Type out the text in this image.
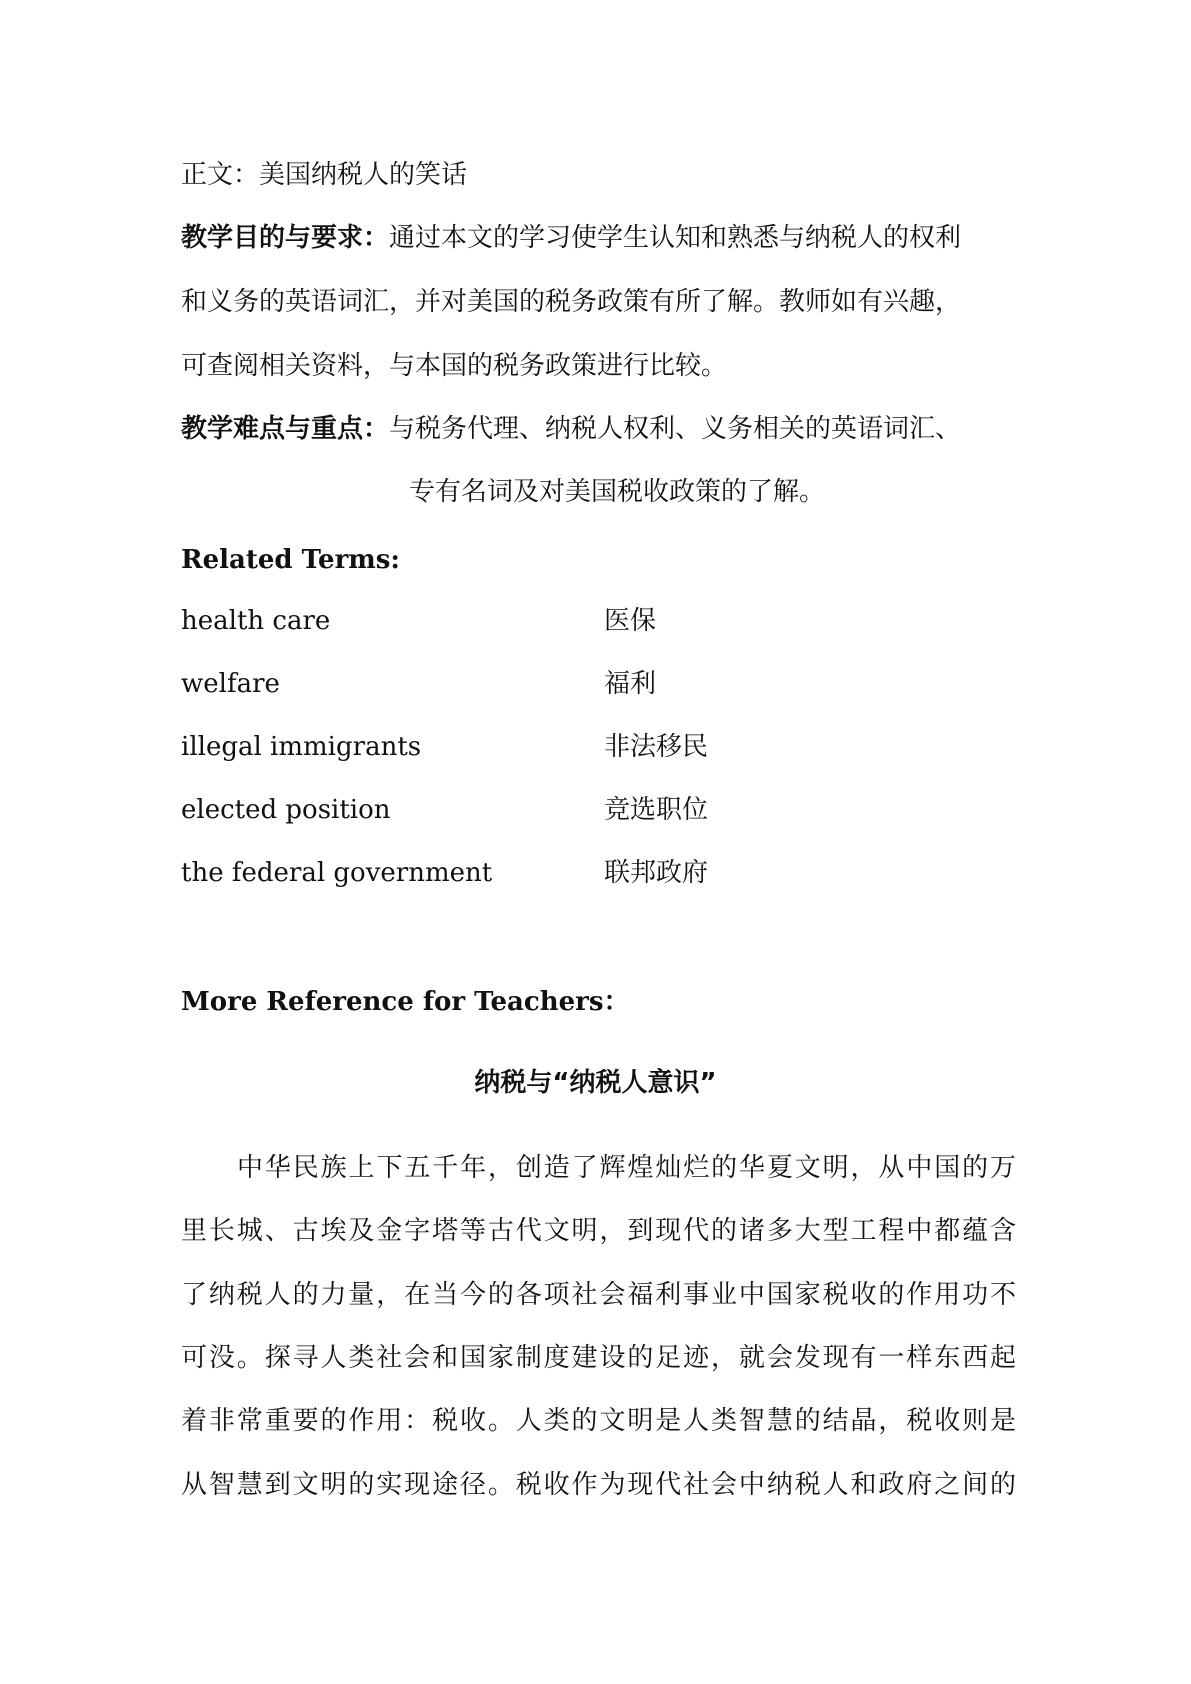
正文：美国纳税人的笑话
教学目的与要求：通过本文的学习使学生认知和熟悉与纳税人的权利
和义务的英语词汇，并对美国的税务政策有所了解。教师如有兴趣，
可查阅相关资料，与本国的税务政策进行比较。
教学难点与重点：与税务代理、纳税人权利、义务相关的英语词汇、
专有名词及对美国税收政策的了解。
Related Terms:
health care	医保
welfare	福利
illegal immigrants	非法移民
elected position	竞选职位
the federal government	联邦政府
More Reference for Teachers：
纳税与“纳税人意识”
中华民族上下五千年，创造了辉煌灿烂的华夏文明，从中国的万
里长城、古埃及金字塔等古代文明，到现代的诸多大型工程中都蕴含
了纳税人的力量，在当今的各项社会福利事业中国家税收的作用功不
可没。探寻人类社会和国家制度建设的足迹，就会发现有一样东西起
着非常重要的作用：税收。人类的文明是人类智慧的结晶，税收则是
从智慧到文明的实现途径。税收作为现代社会中纳税人和政府之间的
